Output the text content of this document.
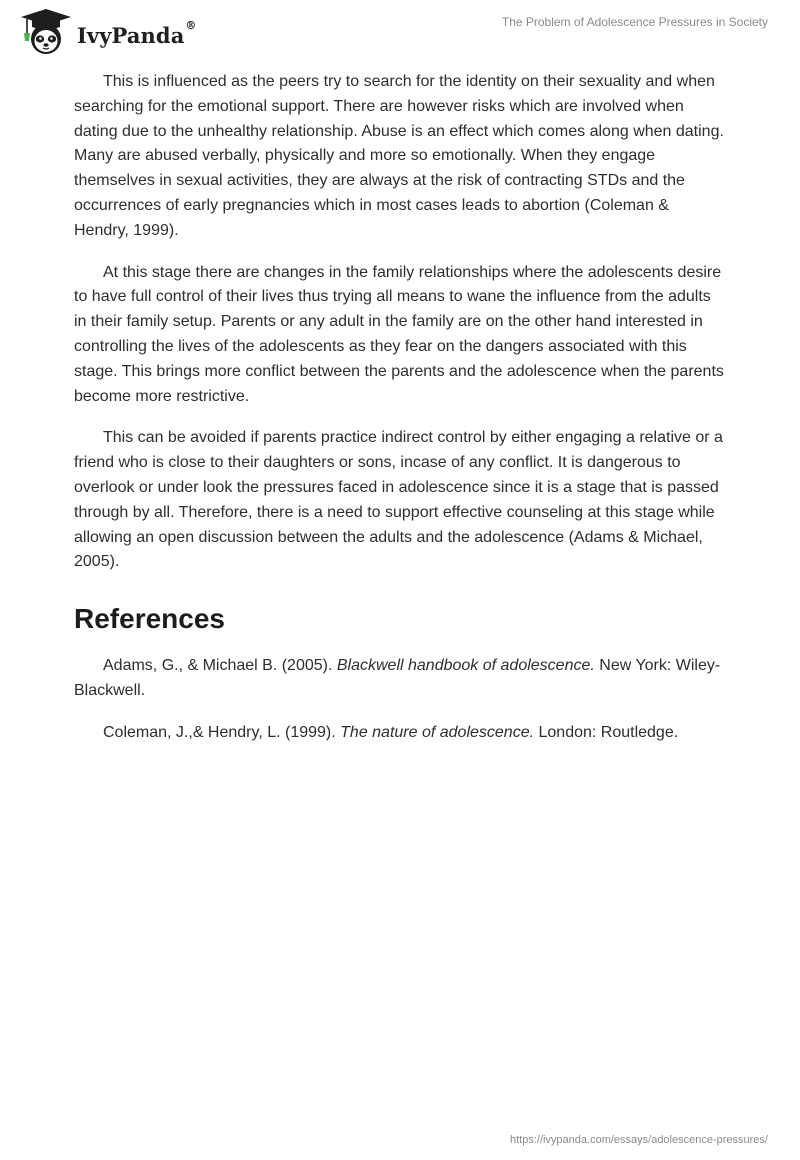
IvyPanda®	The Problem of Adolescence Pressures in Society

This is influenced as the peers try to search for the identity on their sexuality and when searching for the emotional support. There are however risks which are involved when dating due to the unhealthy relationship. Abuse is an effect which comes along when dating. Many are abused verbally, physically and more so emotionally. When they engage themselves in sexual activities, they are always at the risk of contracting STDs and the occurrences of early pregnancies which in most cases leads to abortion (Coleman & Hendry, 1999).

At this stage there are changes in the family relationships where the adolescents desire to have full control of their lives thus trying all means to wane the influence from the adults in their family setup. Parents or any adult in the family are on the other hand interested in controlling the lives of the adolescents as they fear on the dangers associated with this stage. This brings more conflict between the parents and the adolescence when the parents become more restrictive.

This can be avoided if parents practice indirect control by either engaging a relative or a friend who is close to their daughters or sons, incase of any conflict. It is dangerous to overlook or under look the pressures faced in adolescence since it is a stage that is passed through by all. Therefore, there is a need to support effective counseling at this stage while allowing an open discussion between the adults and the adolescence (Adams & Michael, 2005).

References

Adams, G., & Michael B. (2005). Blackwell handbook of adolescence. New York: Wiley-Blackwell.

Coleman, J.,& Hendry, L. (1999). The nature of adolescence. London: Routledge.

https://ivypanda.com/essays/adolescence-pressures/
